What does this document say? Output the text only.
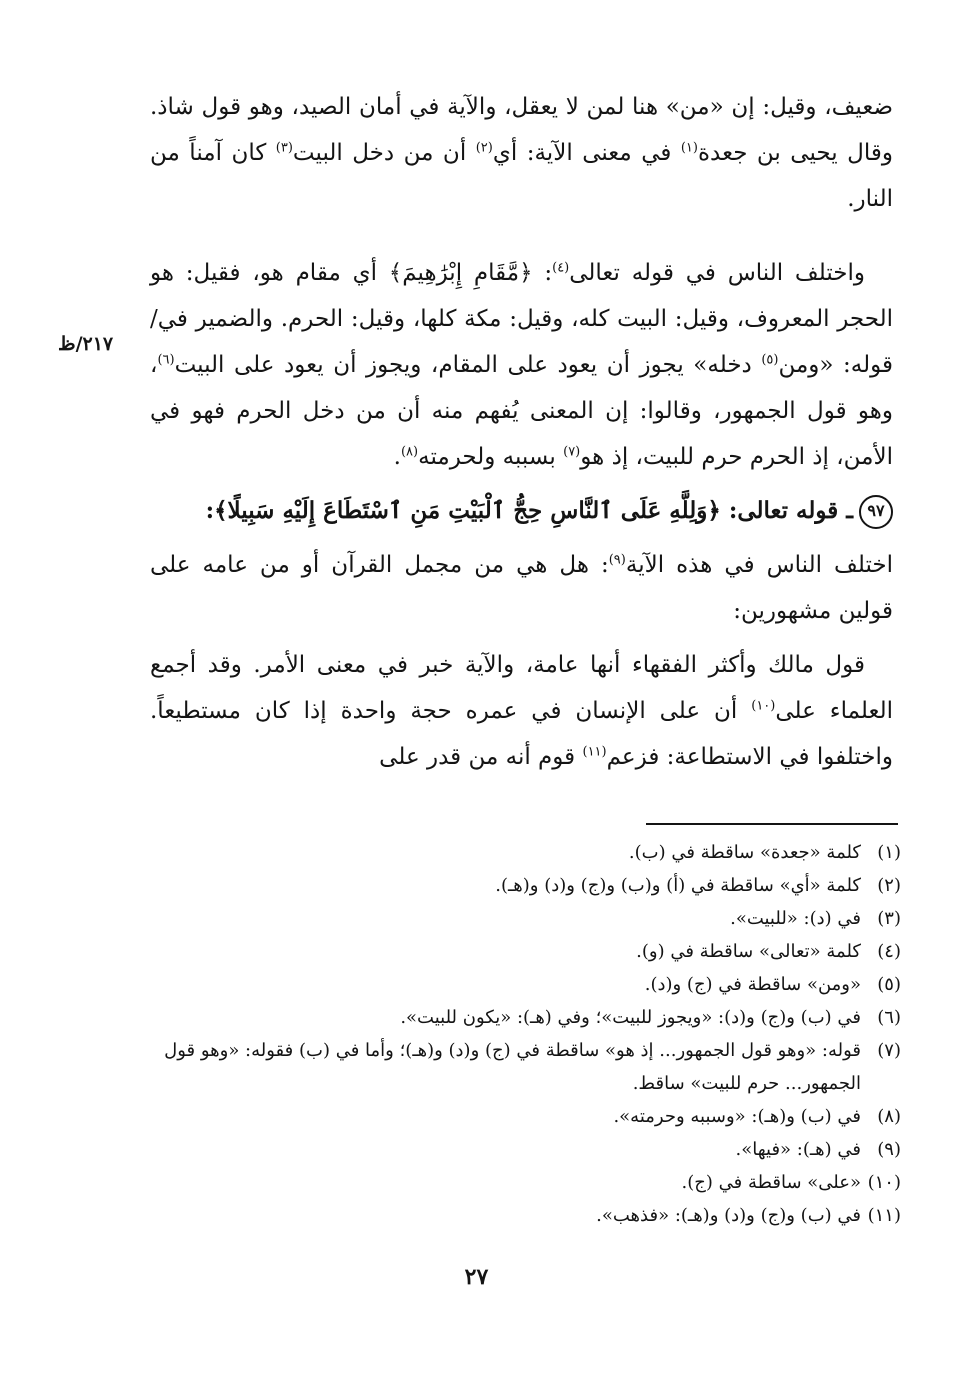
ضعيف، وقيل: إن «من» هنا لمن لا يعقل، والآية في أمان الصيد، وهو قول شاذ. وقال يحيى بن جعدة$^{(١)}$ في معنى الآية: أي$^{(٢)}$ أن من دخل البيت$^{(٣)}$ كان آمناً من النار.

واختلف الناس في قوله تعالى$^{(٤)}$: ﴿مَّقَامِ إِبْرَٰهِيمَ﴾ أي مقام هو، فقيل: هو الحجر المعروف، وقيل: البيت كله، وقيل: مكة كلها، وقيل: الحرم. والضمير في/ قوله: «ومن$^{(٥)}$ دخله» يجوز أن يعود على المقام، ويجوز أن يعود على البيت$^{(٦)}$، وهو قول الجمهور، وقالوا: إن المعنى يُفهم منه أن من دخل الحرم فهو في الأمن، إذ الحرم حرم للبيت، إذ هو$^{(٧)}$ بسببه ولحرمته$^{(٨)}$.

٩٧ـ قوله تعالى: ﴿وَلِلَّهِ عَلَى ٱلنَّاسِ حِجُّ ٱلْبَيْتِ مَنِ ٱسْتَطَاعَ إِلَيْهِ سَبِيلًا﴾:

اختلف الناس في هذه الآية$^{(٩)}$: هل هي من مجمل القرآن أو من عامه على قولين مشهورين:

قول مالك وأكثر الفقهاء أنها عامة، والآية خبر في معنى الأمر. وقد أجمع العلماء على$^{(١٠)}$ أن على الإنسان في عمره حجة واحدة إذا كان مستطيعاً. واختلفوا في الاستطاعة: فزعم$^{(١١)}$ قوم أنه من قدر على

٢١٧/ظ
(١)
كلمة «جعدة» ساقطة في (ب).
(٢)
كلمة «أي» ساقطة في (أ) و(ب) و(ج) و(د) و(هـ).
(٣)
في (د): «للبيت».
(٤)
كلمة «تعالى» ساقطة في (و).
(٥)
«ومن» ساقطة في (ج) و(د).
(٦)
في (ب) و(ج) و(د): «ويجوز للبيت»؛ وفي (هـ): «يكون للبيت».
(٧)
قوله: «وهو قول الجمهور... إذ هو» ساقطة في (ج) و(د) و(هـ)؛ وأما في (ب) فقوله: «وهو قول الجمهور... حرم للبيت» ساقط.
(٨)
في (ب) و(هـ): «وسببه وحرمته».
(٩)
في (هـ): «فيها».
(١٠)
«على» ساقطة في (ج).
(١١)
في (ب) و(ج) و(د) و(هـ): «فذهب».
٢٧
